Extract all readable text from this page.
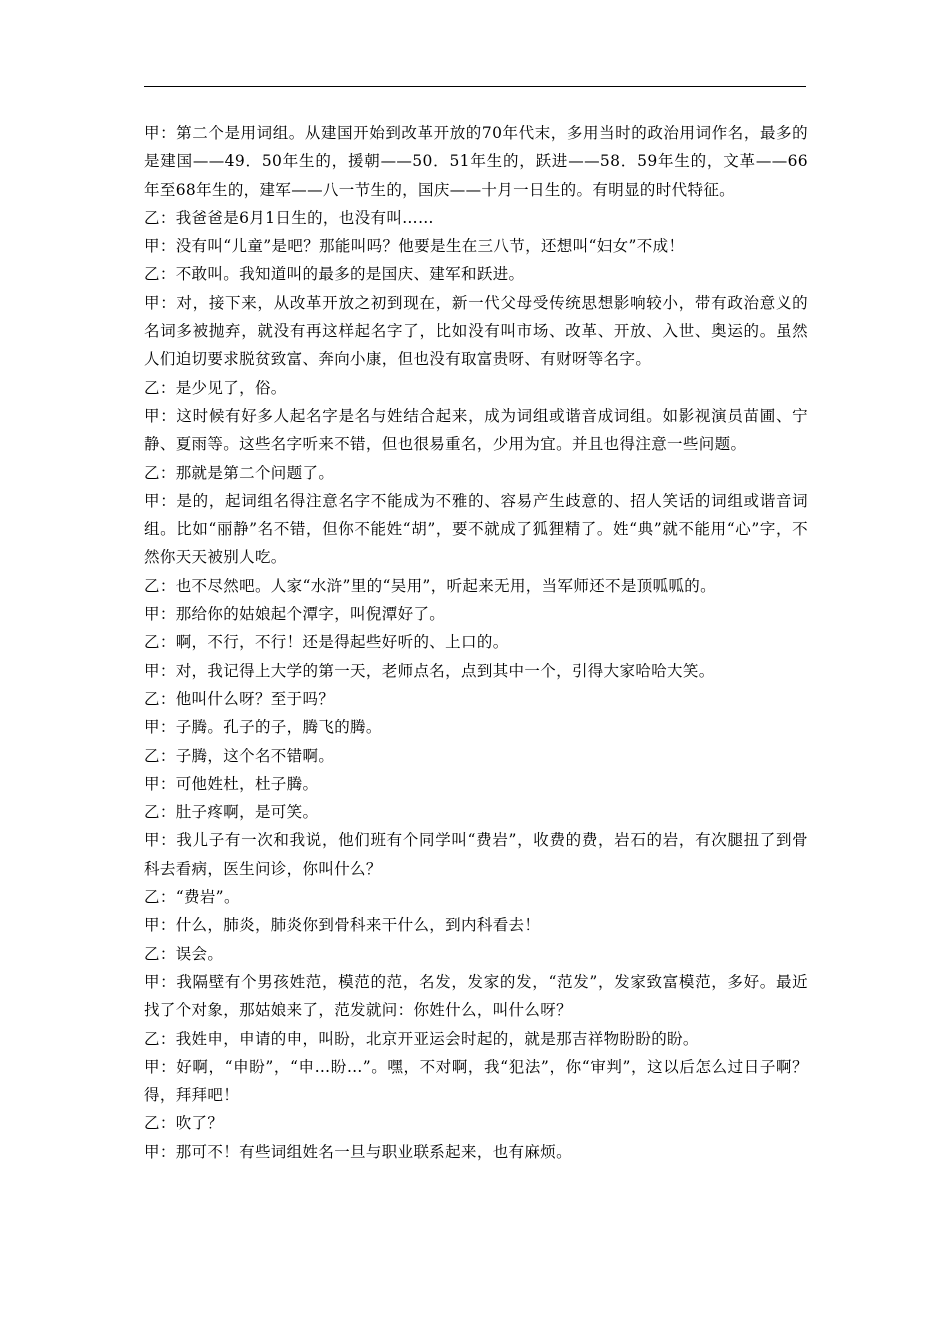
甲：第二个是用词组。从建国开始到改革开放的70年代末，多用当时的政治用词作名，最多的是建国——49．50年生的，援朝——50．51年生的，跃进——58．59年生的，文革——66年至68年生的，建军——八一节生的，国庆——十月一日生的。有明显的时代特征。

乙：我爸爸是6月1日生的，也没有叫……

甲：没有叫“儿童”是吧？那能叫吗？他要是生在三八节，还想叫“妇女”不成！

乙：不敢叫。我知道叫的最多的是国庆、建军和跃进。

甲：对，接下来，从改革开放之初到现在，新一代父母受传统思想影响较小，带有政治意义的名词多被抛弃，就没有再这样起名字了，比如没有叫市场、改革、开放、入世、奥运的。虽然人们迫切要求脱贫致富、奔向小康，但也没有取富贵呀、有财呀等名字。

乙：是少见了，俗。

甲：这时候有好多人起名字是名与姓结合起来，成为词组或谐音成词组。如影视演员苗圃、宁静、夏雨等。这些名字听来不错，但也很易重名，少用为宜。并且也得注意一些问题。

乙：那就是第二个问题了。

甲：是的，起词组名得注意名字不能成为不雅的、容易产生歧意的、招人笑话的词组或谐音词组。比如“丽静”名不错，但你不能姓“胡”，要不就成了狐狸精了。姓“典”就不能用“心”字，不然你天天被别人吃。

乙：也不尽然吧。人家“水浒”里的“吴用”，听起来无用，当军师还不是顶呱呱的。

甲：那给你的姑娘起个潭字，叫倪潭好了。

乙：啊，不行，不行！还是得起些好听的、上口的。

甲：对，我记得上大学的第一天，老师点名，点到其中一个，引得大家哈哈大笑。

乙：他叫什么呀？至于吗？

甲：子腾。孔子的子，腾飞的腾。

乙：子腾，这个名不错啊。

甲：可他姓杜，杜子腾。

乙：肚子疼啊，是可笑。

甲：我儿子有一次和我说，他们班有个同学叫“费岩”，收费的费，岩石的岩，有次腿扭了到骨科去看病，医生问诊，你叫什么？

乙：“费岩”。

甲：什么，肺炎，肺炎你到骨科来干什么，到内科看去！

乙：误会。

甲：我隔壁有个男孩姓范，模范的范，名发，发家的发，“范发”，发家致富模范，多好。最近找了个对象，那姑娘来了，范发就问：你姓什么，叫什么呀？

乙：我姓申，申请的申，叫盼，北京开亚运会时起的，就是那吉祥物盼盼的盼。

甲：好啊，“申盼”，“申…盼…”。嘿，不对啊，我“犯法”，你“审判”，这以后怎么过日子啊？得，拜拜吧！

乙：吹了？

甲：那可不！有些词组姓名一旦与职业联系起来，也有麻烦。
